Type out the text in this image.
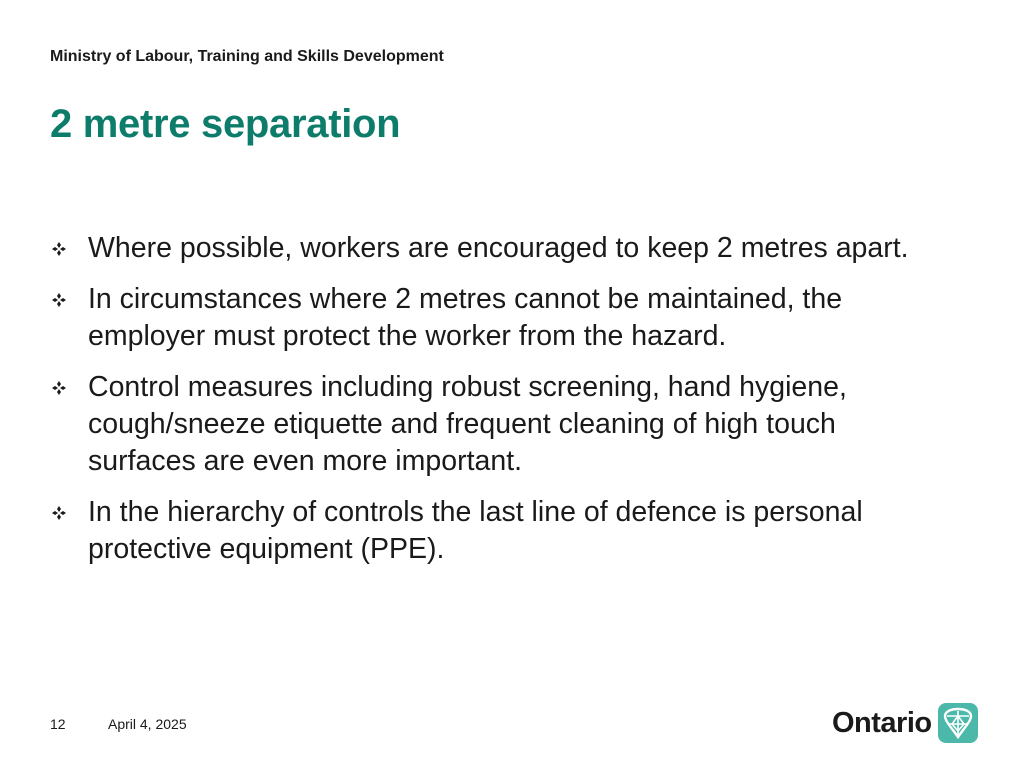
Ministry of Labour, Training and Skills Development
2 metre separation
Where possible, workers are encouraged to keep 2 metres apart.
In circumstances where 2 metres cannot be maintained, the employer must protect the worker from the hazard.
Control measures including robust screening, hand hygiene, cough/sneeze etiquette and frequent cleaning of high touch surfaces are even more important.
In the hierarchy of controls the last line of defence is personal protective equipment (PPE).
12	April 4, 2025	Ontario
